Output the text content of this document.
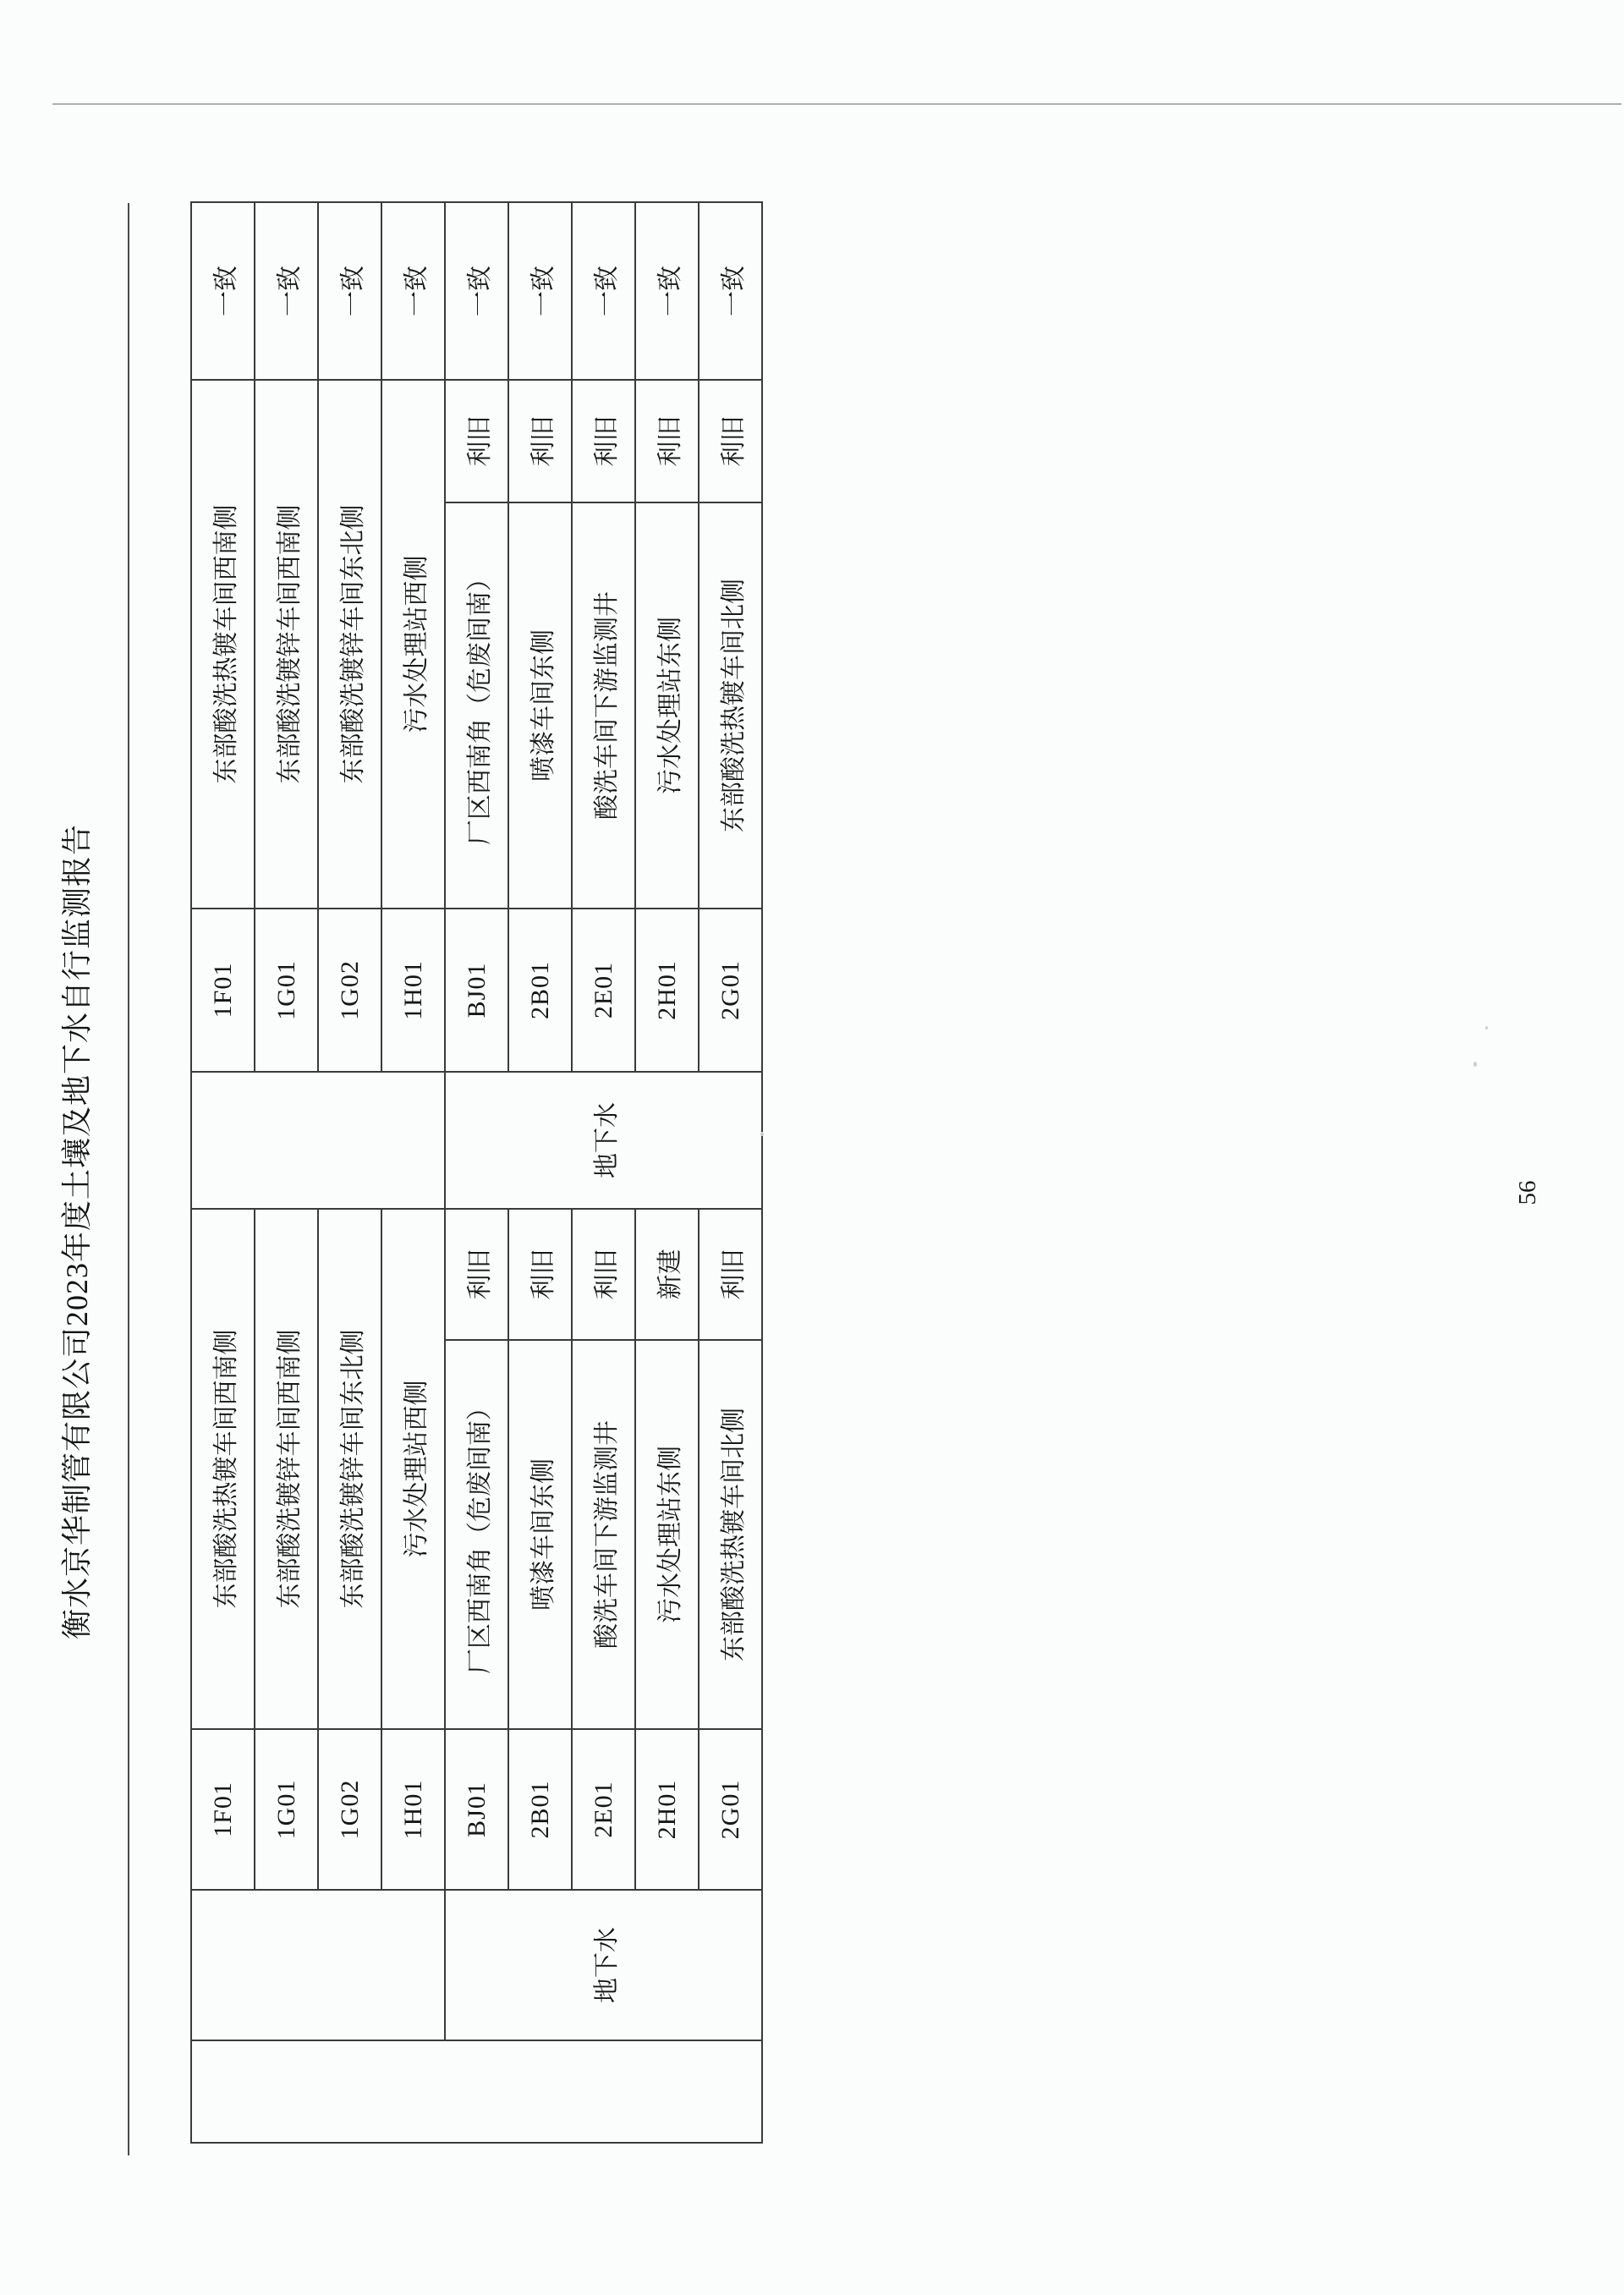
衡水京华制管有限公司2023年度土壤及地下水自行监测报告
		1F01	东部酸洗热镀车间西南侧			1F01	东部酸洗热镀车间西南侧		一致
		1G01	东部酸洗镀锌车间西南侧			1G01	东部酸洗镀锌车间西南侧		一致
		1G02	东部酸洗镀锌车间东北侧			1G02	东部酸洗镀锌车间东北侧		一致
		1H01	污水处理站西侧			1H01	污水处理站西侧		一致
	地下水	BJ01	厂区西南角（危废间南）	利旧	地下水	BJ01	厂区西南角（危废间南）	利旧	一致
		2B01	喷漆车间东侧	利旧		2B01	喷漆车间东侧	利旧	一致
		2E01	酸洗车间下游监测井	利旧		2E01	酸洗车间下游监测井	利旧	一致
		2H01	污水处理站东侧	新建		2H01	污水处理站东侧	利旧	一致
		2G01	东部酸洗热镀车间北侧	利旧		2G01	东部酸洗热镀车间北侧	利旧	一致
56
